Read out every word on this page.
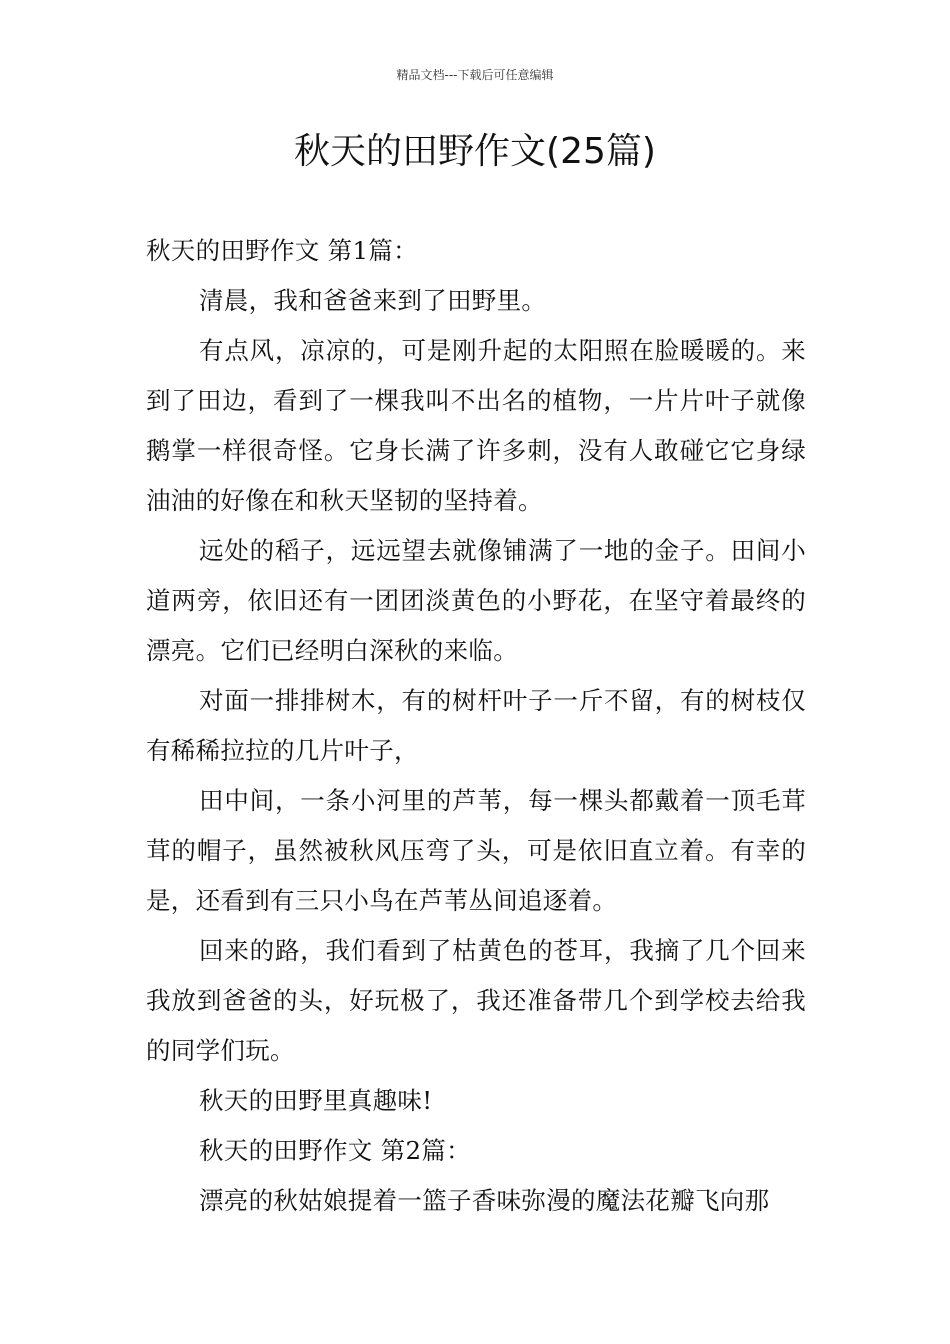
精品文档---下载后可任意编辑
秋天的田野作文(25篇)

秋天的田野作文 第1篇：

清晨，我和爸爸来到了田野里。

有点风，凉凉的，可是刚升起的太阳照在脸暖暖的。来到了田边，看到了一棵我叫不出名的植物，一片片叶子就像鹅掌一样很奇怪。它身长满了许多刺，没有人敢碰它它身绿油油的好像在和秋天坚韧的坚持着。

远处的稻子，远远望去就像铺满了一地的金子。田间小道两旁，依旧还有一团团淡黄色的小野花，在坚守着最终的漂亮。它们已经明白深秋的来临。

对面一排排树木，有的树杆叶子一斤不留，有的树枝仅有稀稀拉拉的几片叶子，

田中间，一条小河里的芦苇，每一棵头都戴着一顶毛茸茸的帽子，虽然被秋风压弯了头，可是依旧直立着。有幸的是，还看到有三只小鸟在芦苇丛间追逐着。

回来的路，我们看到了枯黄色的苍耳，我摘了几个回来我放到爸爸的头，好玩极了，我还准备带几个到学校去给我的同学们玩。

秋天的田野里真趣味!

秋天的田野作文 第2篇：

漂亮的秋姑娘提着一篮子香味弥漫的魔法花瓣飞向那
